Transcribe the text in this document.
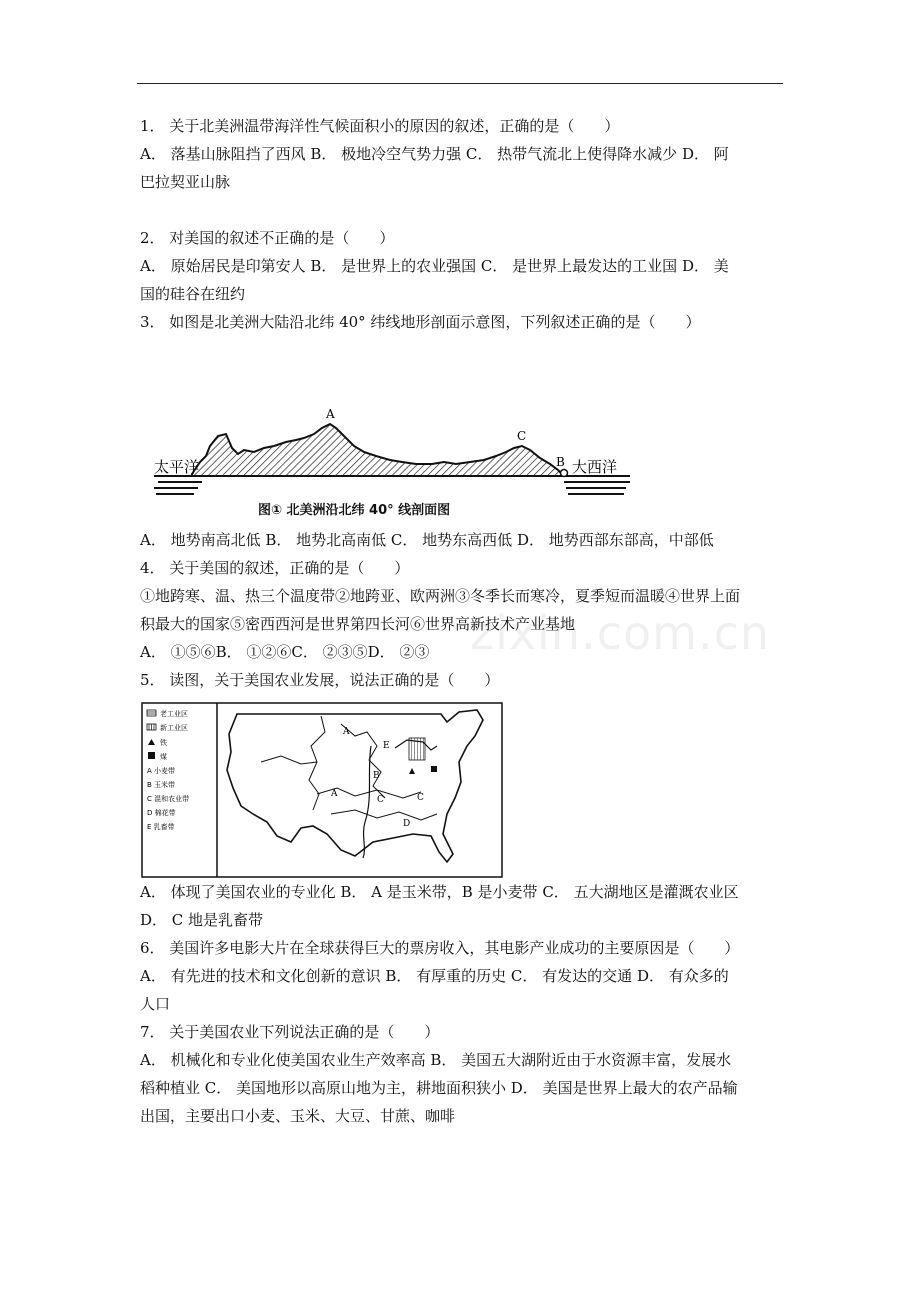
zixin.com.cn
1． 关于北美洲温带海洋性气候面积小的原因的叙述，正确的是（　　）
A． 落基山脉阻挡了西风 B． 极地冷空气势力强 C． 热带气流北上使得降水减少 D． 阿
巴拉契亚山脉
2． 对美国的叙述不正确的是（　　）
A． 原始居民是印第安人 B． 是世界上的农业强国 C． 是世界上最发达的工业国 D． 美
国的硅谷在纽约
3． 如图是北美洲大陆沿北纬 40° 纬线地形剖面示意图，下列叙述正确的是（　　）
太平洋	大西洋
A
B
C
图① 北美洲沿北纬 40° 线剖面图
A． 地势南高北低 B． 地势北高南低 C． 地势东高西低 D． 地势西部东部高，中部低
4． 关于美国的叙述，正确的是（　　）
①地跨寒、温、热三个温度带②地跨亚、欧两洲③冬季长而寒冷，夏季短而温暖④世界上面
积最大的国家⑤密西西河是世界第四长河⑥世界高新技术产业基地
A． ①⑤⑥B． ①②⑥C． ②③⑤D． ②③
5． 读图，关于美国农业发展，说法正确的是（　　）
老工业区
新工业区
铁
煤
A 小麦带
B 玉米带
C 混和农业带
D 棉花带
E 乳畜带
A
E
B
A
C	C
D
A． 体现了美国农业的专业化 B． A 是玉米带，B 是小麦带 C． 五大湖地区是灌溉农业区
D． C 地是乳畜带
6． 美国许多电影大片在全球获得巨大的票房收入，其电影产业成功的主要原因是（　　）
A． 有先进的技术和文化创新的意识 B． 有厚重的历史 C． 有发达的交通 D． 有众多的
人口
7． 关于美国农业下列说法正确的是（　　）
A． 机械化和专业化使美国农业生产效率高 B． 美国五大湖附近由于水资源丰富，发展水
稻种植业 C． 美国地形以高原山地为主，耕地面积狭小 D． 美国是世界上最大的农产品输
出国，主要出口小麦、玉米、大豆、甘蔗、咖啡
